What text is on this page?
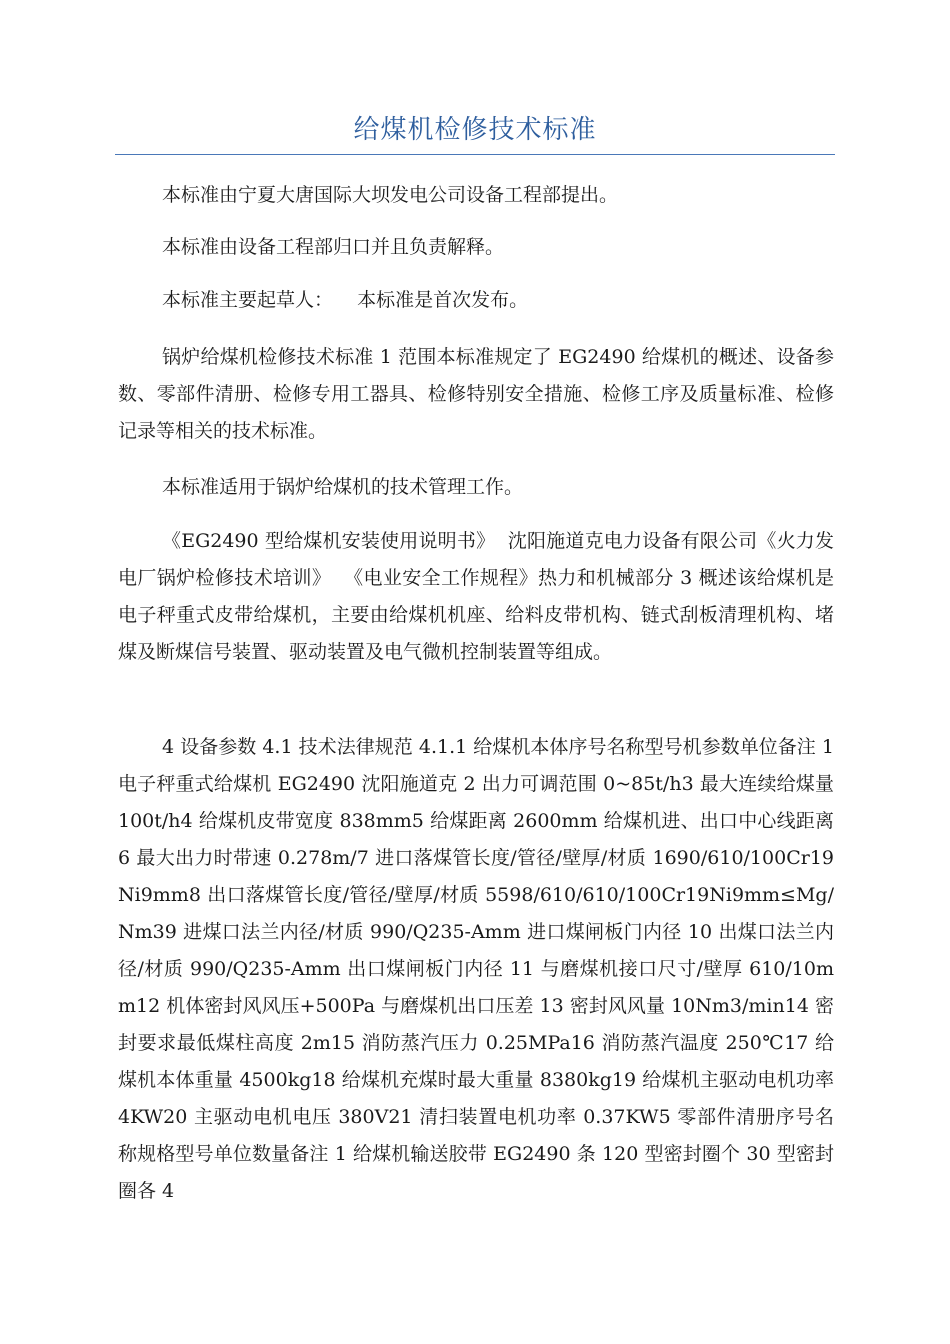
给煤机检修技术标准

本标准由宁夏大唐国际大坝发电公司设备工程部提出。

本标准由设备工程部归口并且负责解释。

本标准主要起草人：    本标准是首次发布。

锅炉给煤机检修技术标准 1 范围本标准规定了 EG2490 给煤机的概述、设备参数、零部件清册、检修专用工器具、检修特别安全措施、检修工序及质量标准、检修记录等相关的技术标准。

本标准适用于锅炉给煤机的技术管理工作。

《EG2490 型给煤机安装使用说明书》  沈阳施道克电力设备有限公司《火力发电厂锅炉检修技术培训》  《电业安全工作规程》热力和机械部分 3 概述该给煤机是电子秤重式皮带给煤机，主要由给煤机机座、给料皮带机构、链式刮板清理机构、堵煤及断煤信号装置、驱动装置及电气微机控制装置等组成。

4 设备参数 4.1 技术法律规范 4.1.1 给煤机本体序号名称型号机参数单位备注 1 电子秤重式给煤机 EG2490 沈阳施道克 2 出力可调范围 0~85t/h3 最大连续给煤量 100t/h4 给煤机皮带宽度 838mm5 给煤距离 2600mm 给煤机进、出口中心线距离 6 最大出力时带速 0.278m/7 进口落煤管长度/管径/壁厚/材质 1690/610/100Cr19Ni9mm8 出口落煤管长度/管径/壁厚/材质 5598/610/610/100Cr19Ni9mm≤Mg/Nm39 进煤口法兰内径/材质 990/Q235-Amm 进口煤闸板门内径 10 出煤口法兰内径/材质 990/Q235-Amm 出口煤闸板门内径 11 与磨煤机接口尺寸/壁厚 610/10mm12 机体密封风风压+500Pa 与磨煤机出口压差 13 密封风风量 10Nm3/min14 密封要求最低煤柱高度 2m15 消防蒸汽压力 0.25MPa16 消防蒸汽温度 250℃17 给煤机本体重量 4500kg18 给煤机充煤时最大重量 8380kg19 给煤机主驱动电机功率 4KW20 主驱动电机电压 380V21 清扫装置电机功率 0.37KW5 零部件清册序号名称规格型号单位数量备注 1 给煤机输送胶带 EG2490 条 120 型密封圈个 30 型密封圈各 4
